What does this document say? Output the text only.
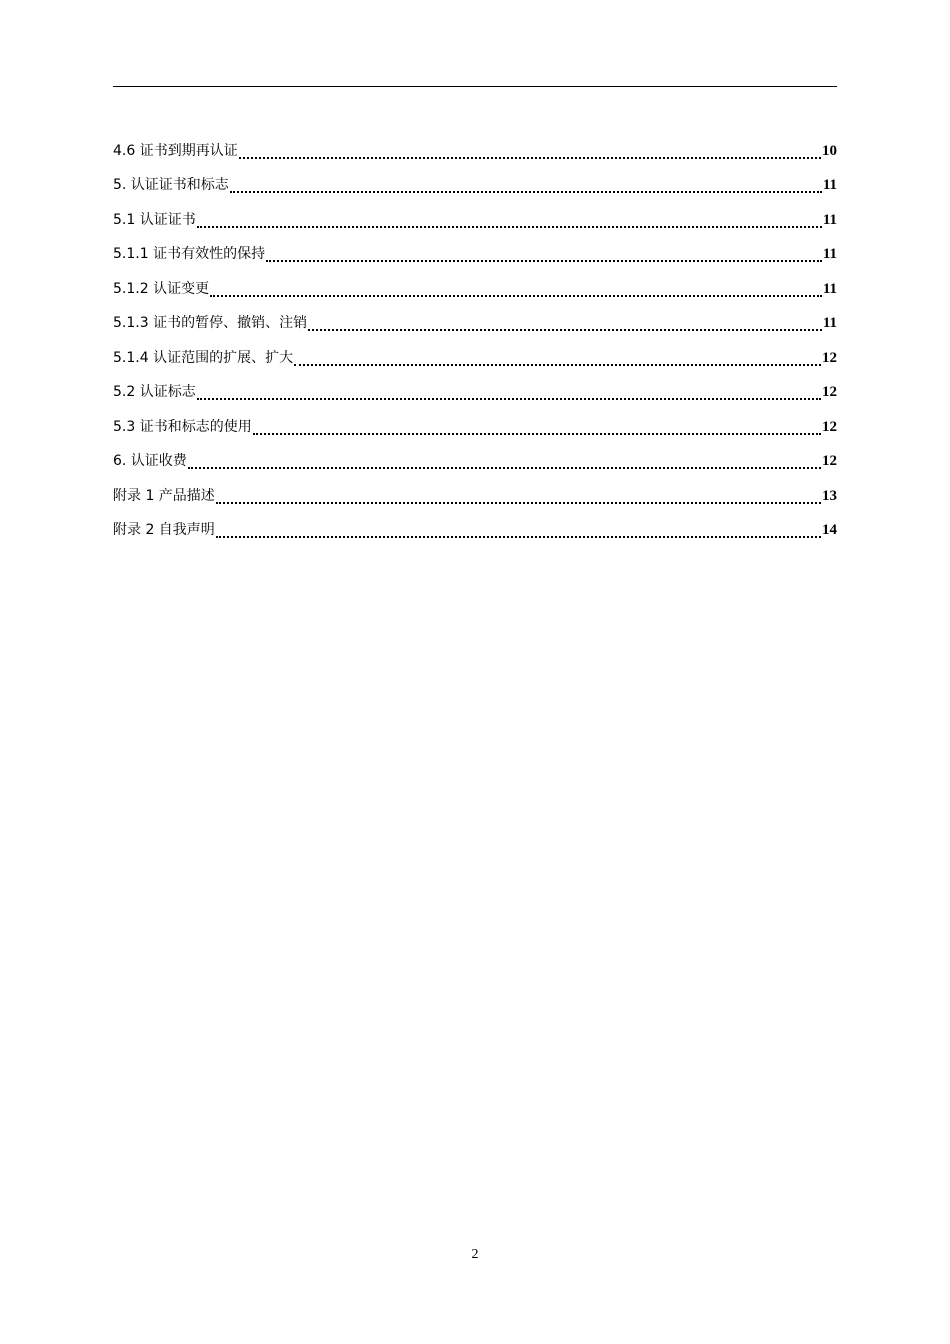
4.6 证书到期再认证	10
5. 认证证书和标志	11
5.1 认证证书	11
5.1.1 证书有效性的保持	11
5.1.2 认证变更	11
5.1.3 证书的暂停、撤销、注销	11
5.1.4 认证范围的扩展、扩大	12
5.2 认证标志	12
5.3 证书和标志的使用	12
6. 认证收费	12
附录 1 产品描述	13
附录 2 自我声明	14
2
